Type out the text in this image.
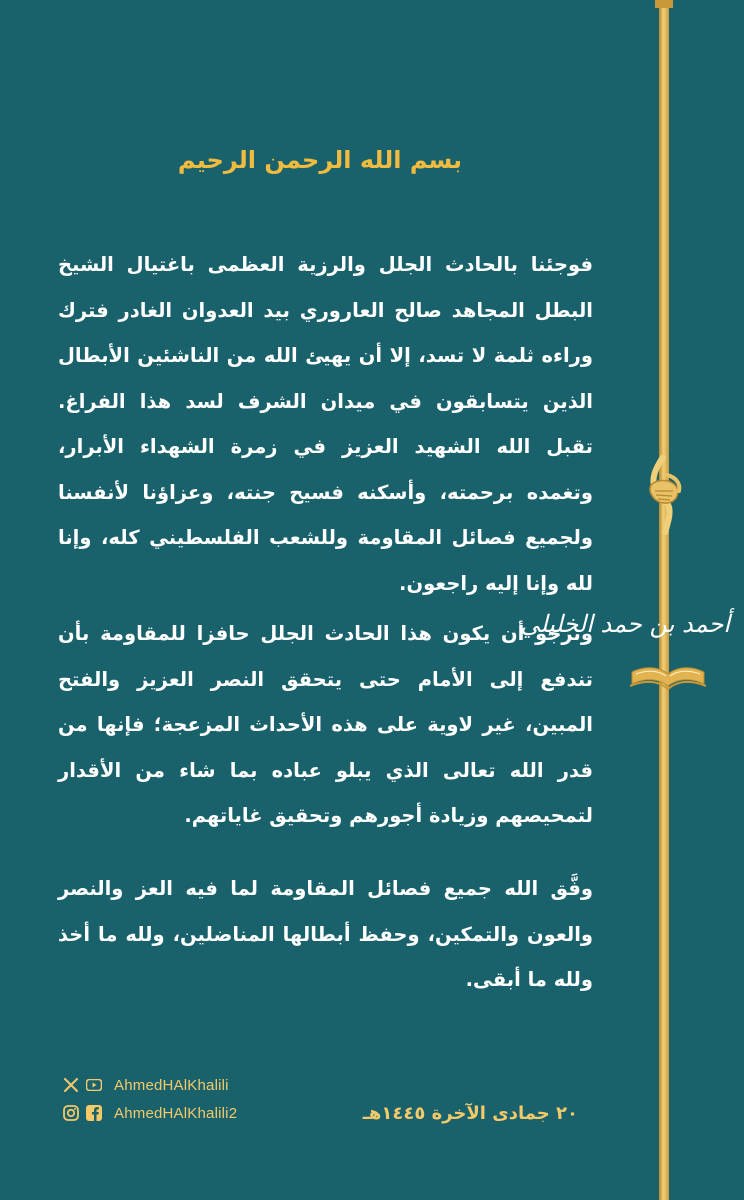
أحمد بن حمد الخليلي
بسم الله الرحمن الرحيم

فوجئنا بالحادث الجلل والرزية العظمى باغتيال الشيخ البطل المجاهد صالح العاروري بيد العدوان الغادر فترك وراءه ثلمة لا تسد، إلا أن يهيئ الله من الناشئين الأبطال الذين يتسابقون في ميدان الشرف لسد هذا الفراغ. تقبل الله الشهيد العزيز في زمرة الشهداء الأبرار، وتغمده برحمته، وأسكنه فسيح جنته، وعزاؤنا لأنفسنا ولجميع فصائل المقاومة وللشعب الفلسطيني كله، وإنا لله وإنا إليه راجعون.

ونرجو أن يكون هذا الحادث الجلل حافزا للمقاومة بأن تندفع إلى الأمام حتى يتحقق النصر العزيز والفتح المبين، غير لاوية على هذه الأحداث المزعجة؛ فإنها من قدر الله تعالى الذي يبلو عباده بما شاء من الأقدار لتمحيصهم وزيادة أجورهم وتحقيق غاياتهم.

وفَّق الله جميع فصائل المقاومة لما فيه العز والنصر والعون والتمكين، وحفظ أبطالها المناضلين، ولله ما أخذ ولله ما أبقى.

AhmedHAlKhalili
AhmedHAlKhalili2	٢٠ جمادى الآخرة ١٤٤٥هـ
